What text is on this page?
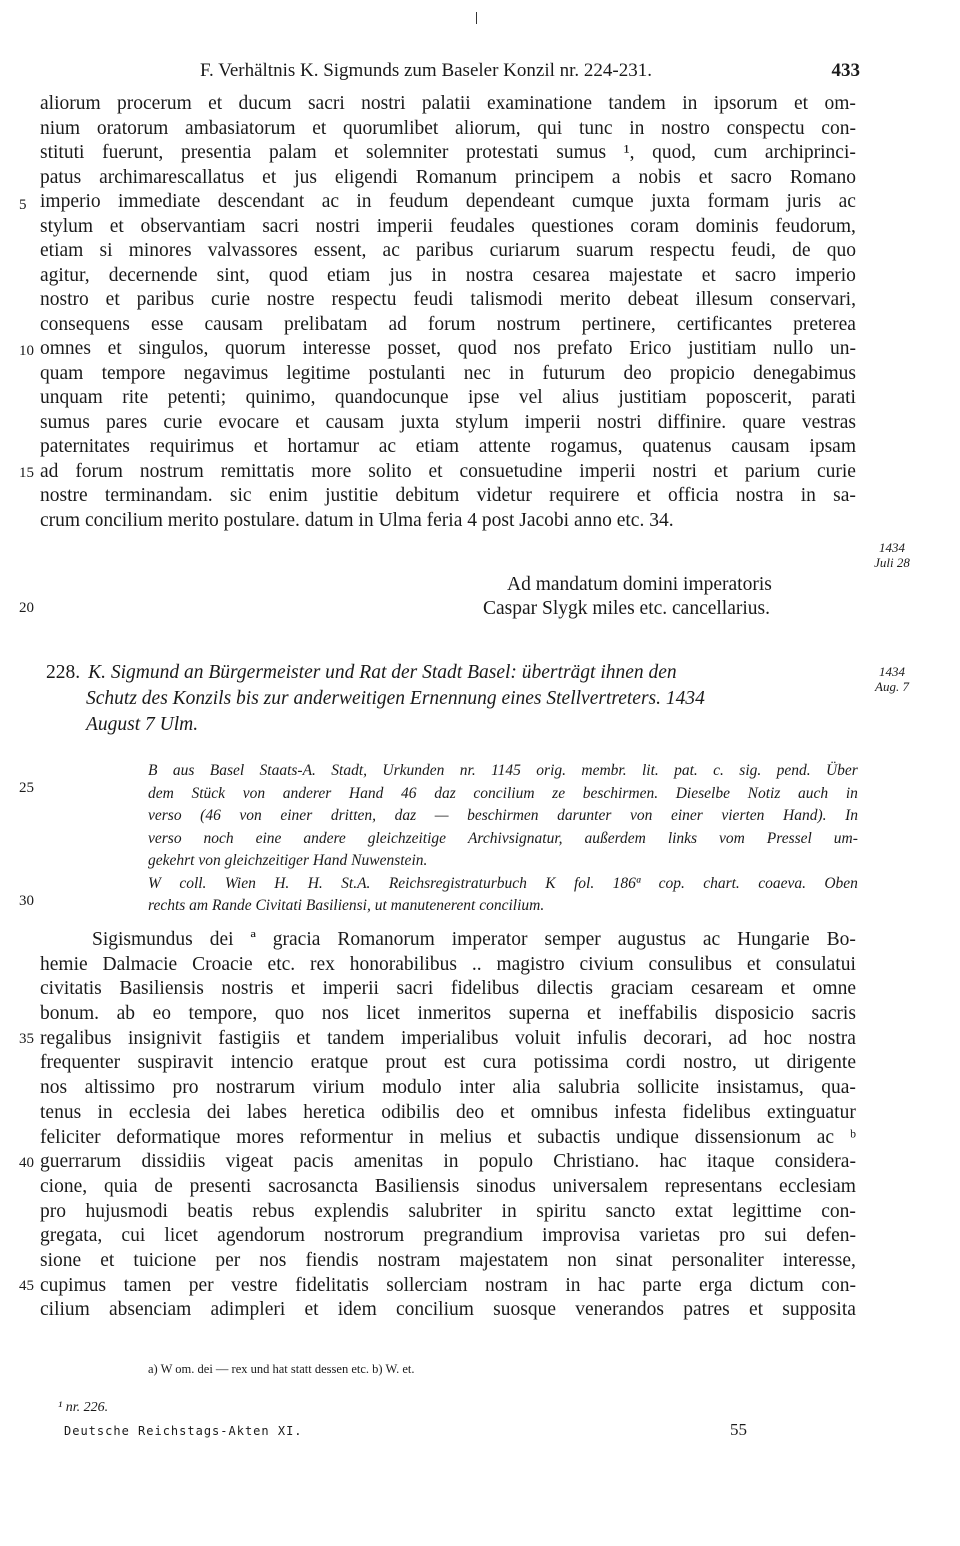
F. Verhältnis K. Sigmunds zum Baseler Konzil nr. 224-231.	433
aliorum procerum et ducum sacri nostri palatii examinatione tandem in ipsorum et om-
nium oratorum ambasiatorum et quorumlibet aliorum, qui tunc in nostro conspectu con-
stituti fuerunt, presentia palam et solemniter protestati sumus ¹, quod, cum archiprinci-
patus archimarescallatus et jus eligendi Romanum principem a nobis et sacro Romano
imperio immediate descendant ac in feudum dependeant cumque juxta formam juris ac
stylum et observantiam sacri nostri imperii feudales questiones coram dominis feudorum,
etiam si minores valvassores essent, ac paribus curiarum suarum respectu feudi, de quo
agitur, decernende sint, quod etiam jus in nostra cesarea majestate et sacro imperio
nostro et paribus curie nostre respectu feudi talismodi merito debeat illesum conservari,
consequens esse causam prelibatam ad forum nostrum pertinere, certificantes preterea
omnes et singulos, quorum interesse posset, quod nos prefato Erico justitiam nullo un-
quam tempore negavimus legitime postulanti nec in futurum deo propicio denegabimus
unquam rite petenti; quinimo, quandocunque ipse vel alius justitiam poposcerit, parati
sumus pares curie evocare et causam juxta stylum imperii nostri diffinire. quare vestras
paternitates requirimus et hortamur ac etiam attente rogamus, quatenus causam ipsam
ad forum nostrum remittatis more solito et consuetudine imperii nostri et parium curie
nostre terminandam. sic enim justitie debitum videtur requirere et officia nostra in sa-
crum concilium merito postulare. datum in Ulma feria 4 post Jacobi anno etc. 34.
5
10
15
20
1434
Juli 28
Ad mandatum domini imperatoris
Caspar Slygk miles etc. cancellarius.
228. K. Sigmund an Bürgermeister und Rat der Stadt Basel: überträgt ihnen den
Schutz des Konzils bis zur anderweitigen Ernennung eines Stellvertreters. 1434
August 7 Ulm.
1434
Aug. 7
B aus Basel Staats-A. Stadt, Urkunden nr. 1145 orig. membr. lit. pat. c. sig. pend. Über
dem Stück von anderer Hand 46 daz concilium ze beschirmen. Dieselbe Notiz auch in
verso (46 von einer dritten, daz — beschirmen darunter von einer vierten Hand). In
verso noch eine andere gleichzeitige Archivsignatur, außerdem links vom Pressel um-
gekehrt von gleichzeitiger Hand Nuwenstein.
W coll. Wien H. H. St.A. Reichsregistraturbuch K fol. 186ª cop. chart. coaeva. Oben
rechts am Rande Civitati Basiliensi, ut manutenerent concilium.
25
30
Sigismundus dei ª gracia Romanorum imperator semper augustus ac Hungarie Bo-
hemie Dalmacie Croacie etc. rex honorabilibus .. magistro civium consulibus et consulatui
civitatis Basiliensis nostris et imperii sacri fidelibus dilectis graciam cesaream et omne
bonum. ab eo tempore, quo nos licet inmeritos superna et ineffabilis disposicio sacris
regalibus insignivit fastigiis et tandem imperialibus voluit infulis decorari, ad hoc nostra
frequenter suspiravit intencio eratque prout est cura potissima cordi nostro, ut dirigente
nos altissimo pro nostrarum virium modulo inter alia salubria sollicite insistamus, qua-
tenus in ecclesia dei labes heretica odibilis deo et omnibus infesta fidelibus extinguatur
feliciter deformatique mores reformentur in melius et subactis undique dissensionum ac ᵇ
guerrarum dissidiis vigeat pacis amenitas in populo Christiano. hac itaque considera-
cione, quia de presenti sacrosancta Basiliensis sinodus universalem representans ecclesiam
pro hujusmodi beatis rebus explendis salubriter in spiritu sancto extat legittime con-
gregata, cui licet agendorum nostrorum pregrandium improvisa varietas pro sui defen-
sione et tuicione per nos fiendis nostram majestatem non sinat personaliter interesse,
cupimus tamen per vestre fidelitatis sollerciam nostram in hac parte erga dictum con-
cilium absenciam adimpleri et idem concilium suosque venerandos patres et supposita
35
40
45
a) W om. dei — rex und hat statt dessen etc. b) W. et.
¹ nr. 226.
Deutsche Reichstags-Akten XI.	55
